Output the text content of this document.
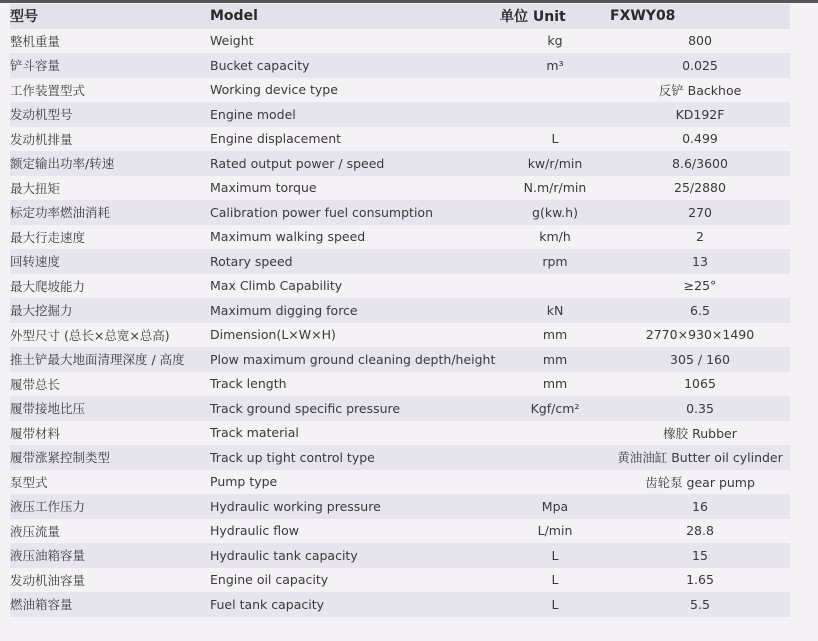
型号	Model	单位 Unit	FXWY08
整机重量	Weight	kg	800
铲斗容量	Bucket capacity	m³	0.025
工作装置型式	Working device type		反铲 Backhoe
发动机型号	Engine model		KD192F
发动机排量	Engine displacement	L	0.499
额定输出功率/转速	Rated output power / speed	kw/r/min	8.6/3600
最大扭矩	Maximum torque	N.m/r/min	25/2880
标定功率燃油消耗	Calibration power fuel consumption	g(kw.h)	270
最大行走速度	Maximum walking speed	km/h	2
回转速度	Rotary speed	rpm	13
最大爬坡能力	Max Climb Capability		≥25°
最大挖掘力	Maximum digging force	kN	6.5
外型尺寸 (总长×总宽×总高)	Dimension(L×W×H)	mm	2770×930×1490
推土铲最大地面清理深度 / 高度	Plow maximum ground cleaning depth/height	mm	305 / 160
履带总长	Track length	mm	1065
履带接地比压	Track ground specific pressure	Kgf/cm²	0.35
履带材料	Track material		橡胶 Rubber
履带涨紧控制类型	Track up tight control type		黄油油缸 Butter oil cylinder
泵型式	Pump type		齿轮泵 gear pump
液压工作压力	Hydraulic working pressure	Mpa	16
液压流量	Hydraulic flow	L/min	28.8
液压油箱容量	Hydraulic tank capacity	L	15
发动机油容量	Engine oil capacity	L	1.65
燃油箱容量	Fuel tank capacity	L	5.5
